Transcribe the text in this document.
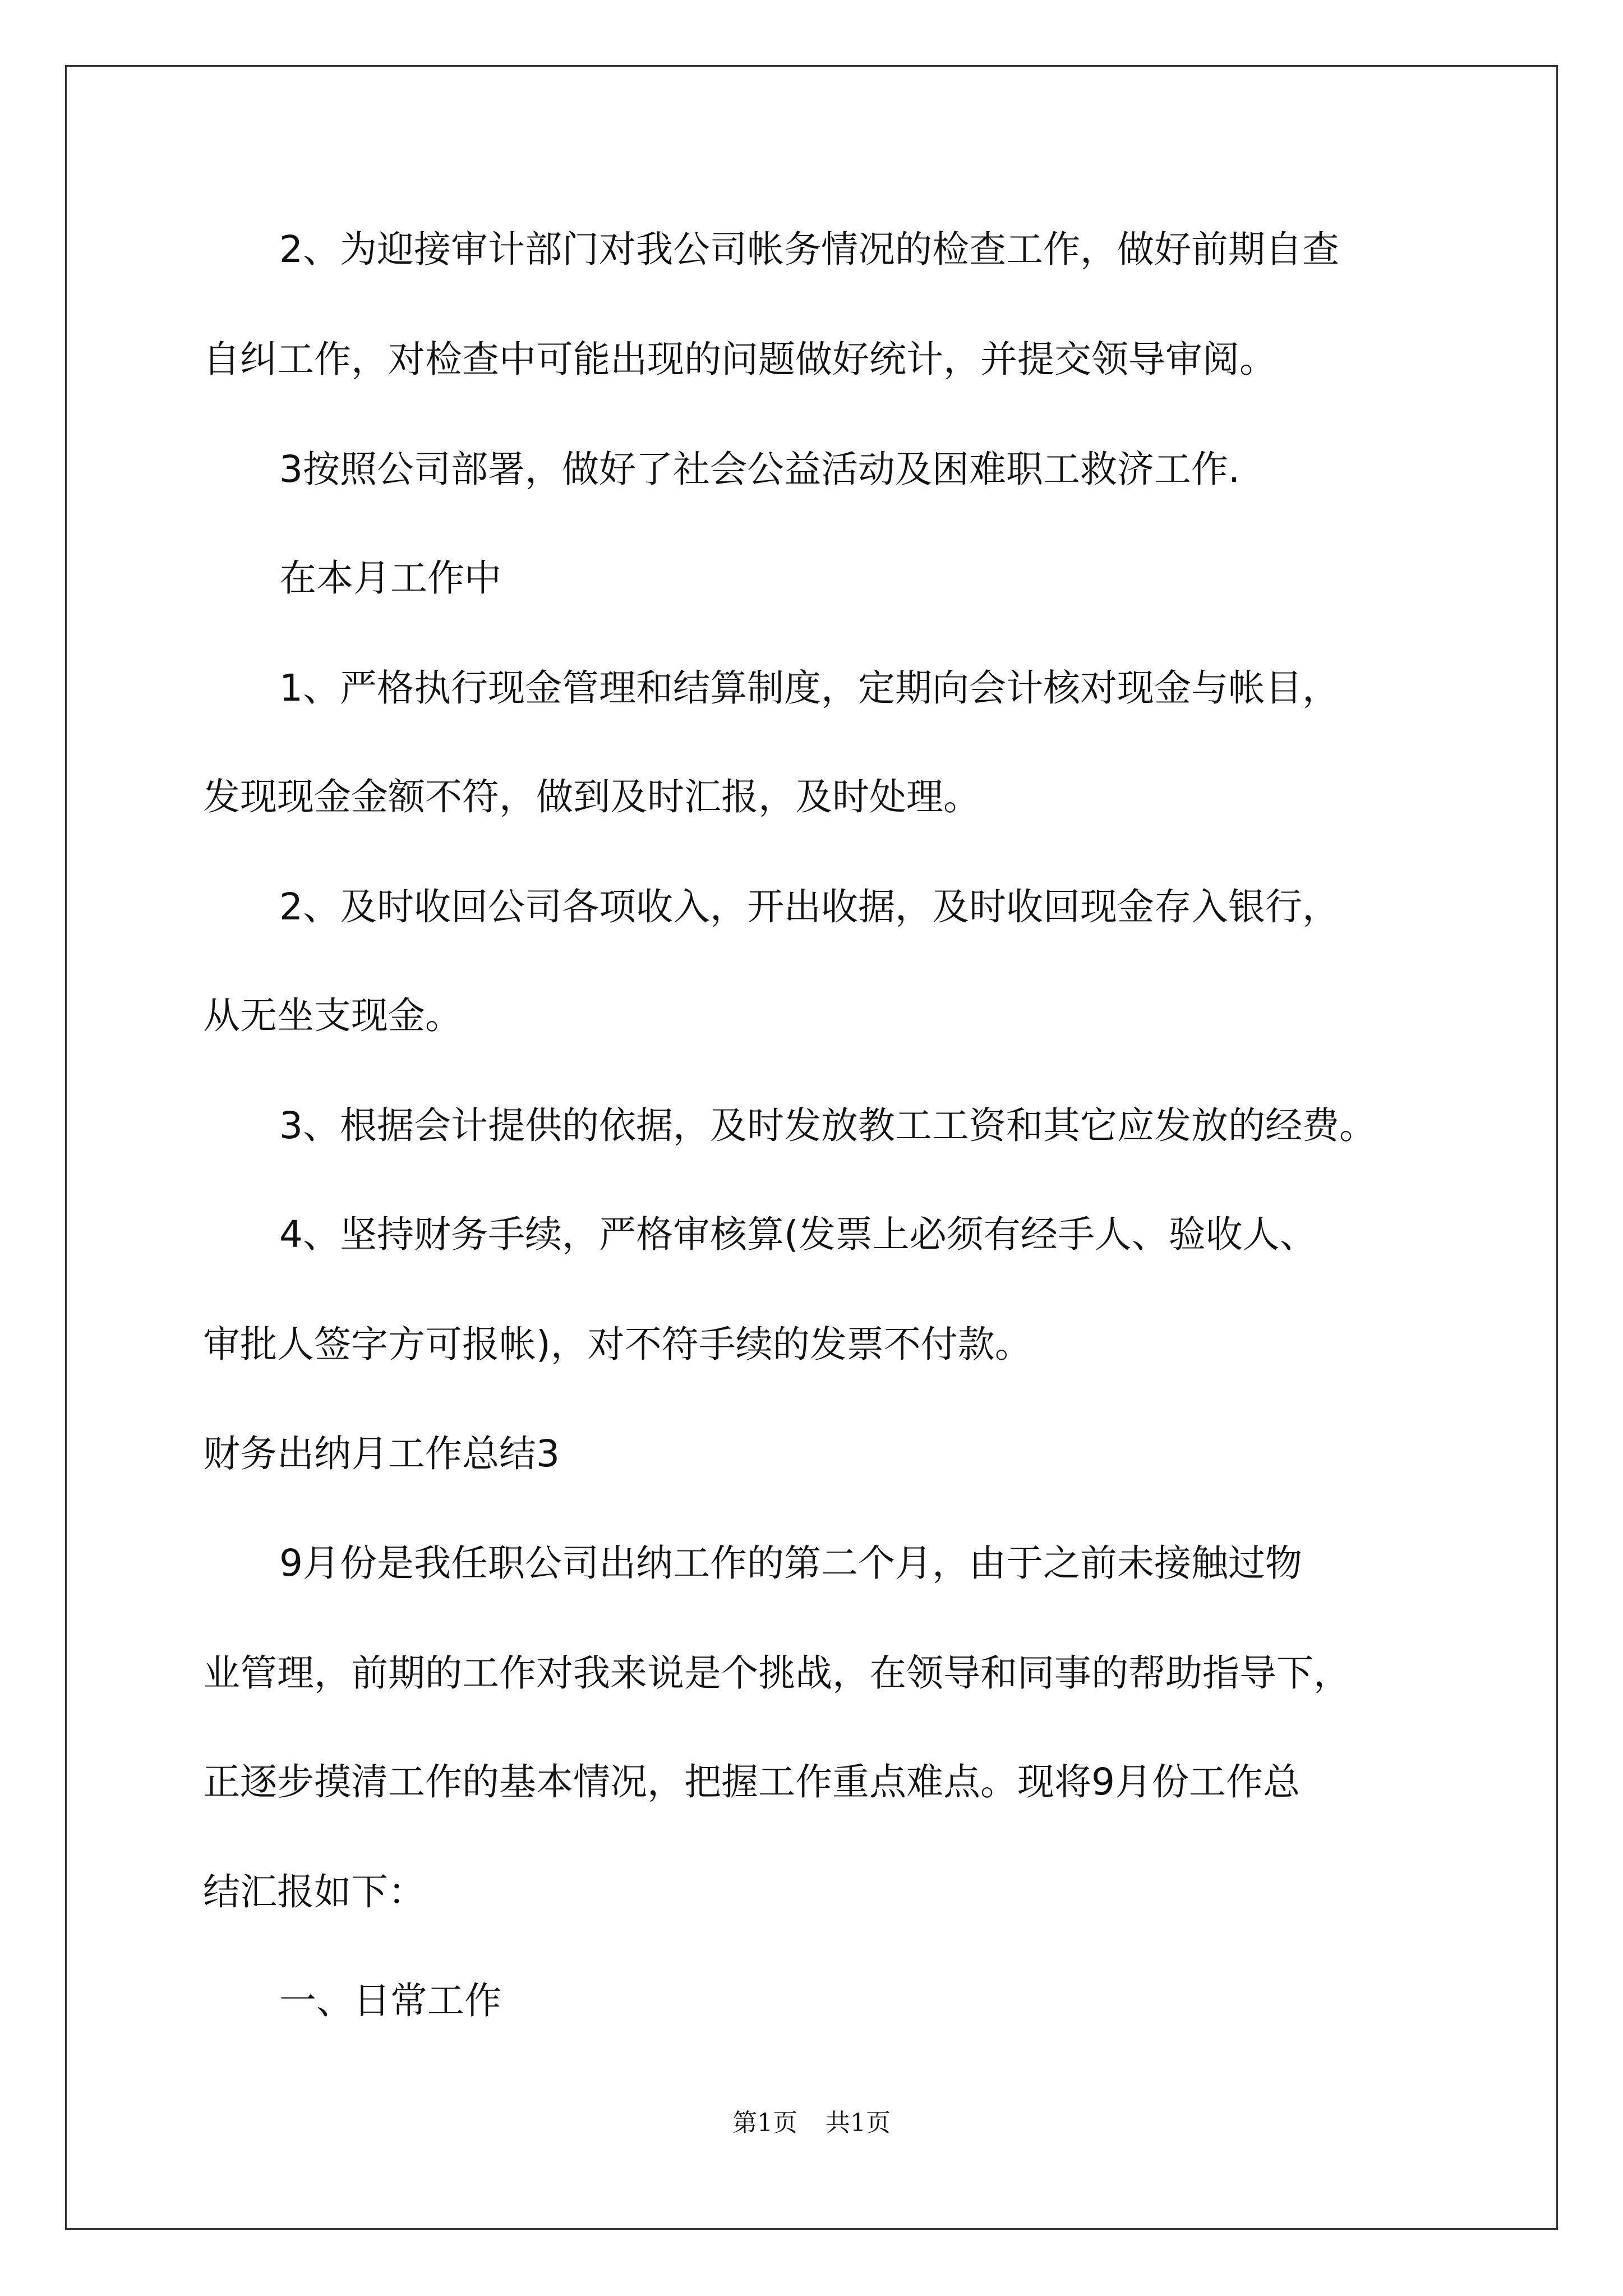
2、为迎接审计部门对我公司帐务情况的检查工作，做好前期自查
自纠工作，对检查中可能出现的问题做好统计，并提交领导审阅。
3按照公司部署，做好了社会公益活动及困难职工救济工作.
在本月工作中
1、严格执行现金管理和结算制度，定期向会计核对现金与帐目，
发现现金金额不符，做到及时汇报，及时处理。
2、及时收回公司各项收入，开出收据，及时收回现金存入银行，
从无坐支现金。
3、根据会计提供的依据，及时发放教工工资和其它应发放的经费。
4、坚持财务手续，严格审核算(发票上必须有经手人、验收人、
审批人签字方可报帐)，对不符手续的发票不付款。
财务出纳月工作总结3
9月份是我任职公司出纳工作的第二个月，由于之前未接触过物
业管理，前期的工作对我来说是个挑战，在领导和同事的帮助指导下，
正逐步摸清工作的基本情况，把握工作重点难点。现将9月份工作总
结汇报如下：
一、日常工作
第1页 共1页
